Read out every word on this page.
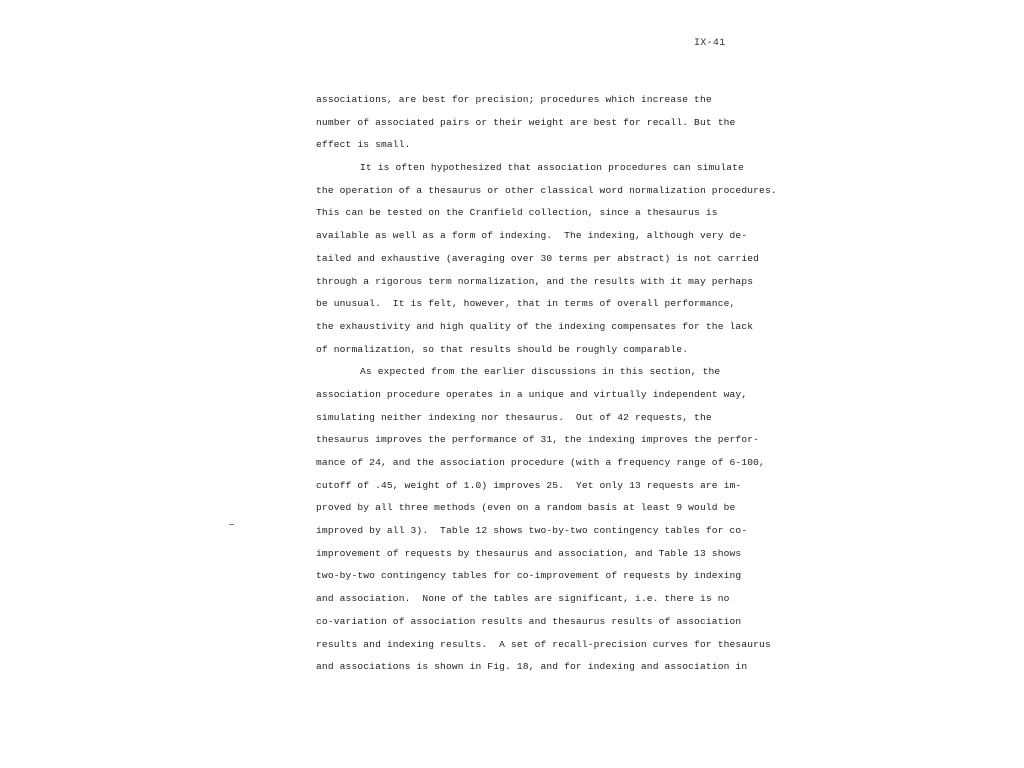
IX-41
associations, are best for precision; procedures which increase the
number of associated pairs or their weight are best for recall. But the
effect is small.
It is often hypothesized that association procedures can simulate
the operation of a thesaurus or other classical word normalization procedures.
This can be tested on the Cranfield collection, since a thesaurus is
available as well as a form of indexing.  The indexing, although very de-
tailed and exhaustive (averaging over 30 terms per abstract) is not carried
through a rigorous term normalization, and the results with it may perhaps
be unusual.  It is felt, however, that in terms of overall performance,
the exhaustivity and high quality of the indexing compensates for the lack
of normalization, so that results should be roughly comparable.
As expected from the earlier discussions in this section, the
association procedure operates in a unique and virtually independent way,
simulating neither indexing nor thesaurus.  Out of 42 requests, the
thesaurus improves the performance of 31, the indexing improves the perfor-
mance of 24, and the association procedure (with a frequency range of 6-100,
cutoff of .45, weight of 1.0) improves 25.  Yet only 13 requests are im-
proved by all three methods (even on a random basis at least 9 would be
improved by all 3).  Table 12 shows two-by-two contingency tables for co-
improvement of requests by thesaurus and association, and Table 13 shows
two-by-two contingency tables for co-improvement of requests by indexing
and association.  None of the tables are significant, i.e. there is no
co-variation of association results and thesaurus results of association
results and indexing results.  A set of recall-precision curves for thesaurus
and associations is shown in Fig. 18, and for indexing and association in
